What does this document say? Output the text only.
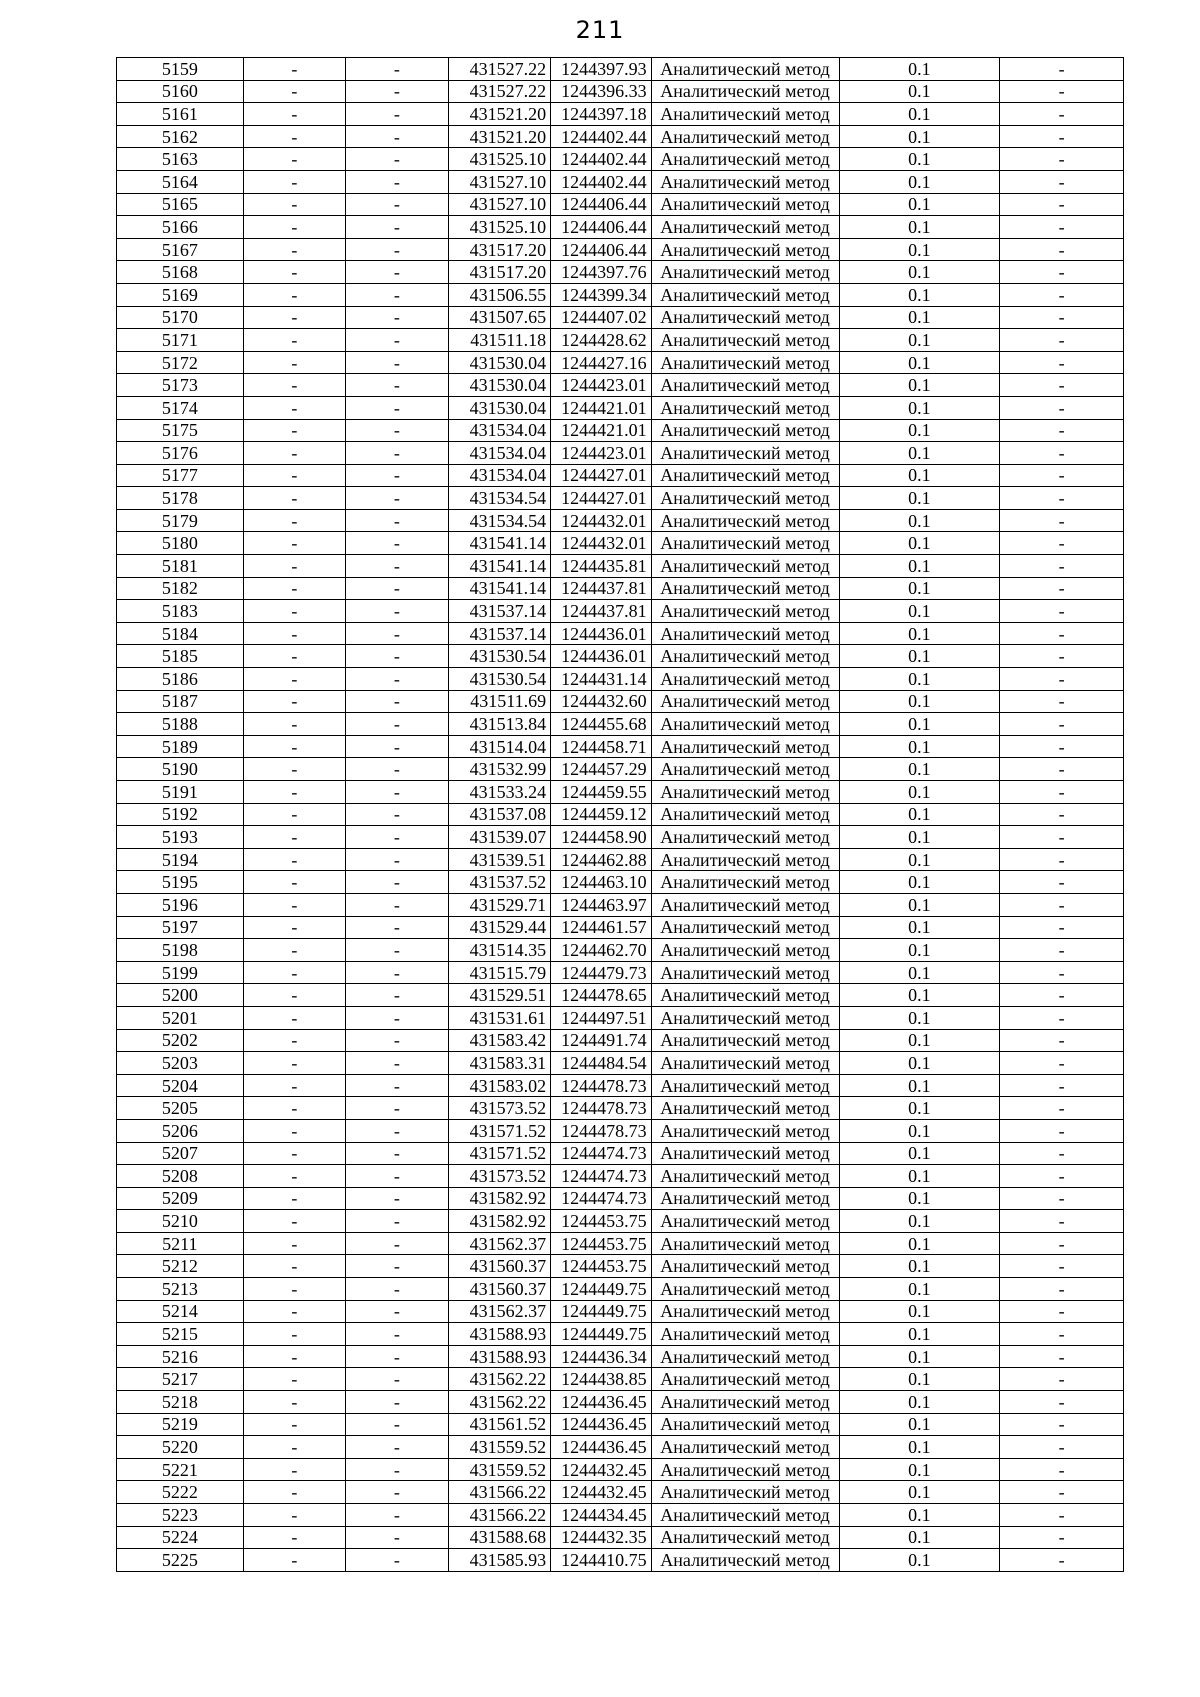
211
5159	-	-	431527.22	1244397.93	Аналитический метод	0.1	-
5160	-	-	431527.22	1244396.33	Аналитический метод	0.1	-
5161	-	-	431521.20	1244397.18	Аналитический метод	0.1	-
5162	-	-	431521.20	1244402.44	Аналитический метод	0.1	-
5163	-	-	431525.10	1244402.44	Аналитический метод	0.1	-
5164	-	-	431527.10	1244402.44	Аналитический метод	0.1	-
5165	-	-	431527.10	1244406.44	Аналитический метод	0.1	-
5166	-	-	431525.10	1244406.44	Аналитический метод	0.1	-
5167	-	-	431517.20	1244406.44	Аналитический метод	0.1	-
5168	-	-	431517.20	1244397.76	Аналитический метод	0.1	-
5169	-	-	431506.55	1244399.34	Аналитический метод	0.1	-
5170	-	-	431507.65	1244407.02	Аналитический метод	0.1	-
5171	-	-	431511.18	1244428.62	Аналитический метод	0.1	-
5172	-	-	431530.04	1244427.16	Аналитический метод	0.1	-
5173	-	-	431530.04	1244423.01	Аналитический метод	0.1	-
5174	-	-	431530.04	1244421.01	Аналитический метод	0.1	-
5175	-	-	431534.04	1244421.01	Аналитический метод	0.1	-
5176	-	-	431534.04	1244423.01	Аналитический метод	0.1	-
5177	-	-	431534.04	1244427.01	Аналитический метод	0.1	-
5178	-	-	431534.54	1244427.01	Аналитический метод	0.1	-
5179	-	-	431534.54	1244432.01	Аналитический метод	0.1	-
5180	-	-	431541.14	1244432.01	Аналитический метод	0.1	-
5181	-	-	431541.14	1244435.81	Аналитический метод	0.1	-
5182	-	-	431541.14	1244437.81	Аналитический метод	0.1	-
5183	-	-	431537.14	1244437.81	Аналитический метод	0.1	-
5184	-	-	431537.14	1244436.01	Аналитический метод	0.1	-
5185	-	-	431530.54	1244436.01	Аналитический метод	0.1	-
5186	-	-	431530.54	1244431.14	Аналитический метод	0.1	-
5187	-	-	431511.69	1244432.60	Аналитический метод	0.1	-
5188	-	-	431513.84	1244455.68	Аналитический метод	0.1	-
5189	-	-	431514.04	1244458.71	Аналитический метод	0.1	-
5190	-	-	431532.99	1244457.29	Аналитический метод	0.1	-
5191	-	-	431533.24	1244459.55	Аналитический метод	0.1	-
5192	-	-	431537.08	1244459.12	Аналитический метод	0.1	-
5193	-	-	431539.07	1244458.90	Аналитический метод	0.1	-
5194	-	-	431539.51	1244462.88	Аналитический метод	0.1	-
5195	-	-	431537.52	1244463.10	Аналитический метод	0.1	-
5196	-	-	431529.71	1244463.97	Аналитический метод	0.1	-
5197	-	-	431529.44	1244461.57	Аналитический метод	0.1	-
5198	-	-	431514.35	1244462.70	Аналитический метод	0.1	-
5199	-	-	431515.79	1244479.73	Аналитический метод	0.1	-
5200	-	-	431529.51	1244478.65	Аналитический метод	0.1	-
5201	-	-	431531.61	1244497.51	Аналитический метод	0.1	-
5202	-	-	431583.42	1244491.74	Аналитический метод	0.1	-
5203	-	-	431583.31	1244484.54	Аналитический метод	0.1	-
5204	-	-	431583.02	1244478.73	Аналитический метод	0.1	-
5205	-	-	431573.52	1244478.73	Аналитический метод	0.1	-
5206	-	-	431571.52	1244478.73	Аналитический метод	0.1	-
5207	-	-	431571.52	1244474.73	Аналитический метод	0.1	-
5208	-	-	431573.52	1244474.73	Аналитический метод	0.1	-
5209	-	-	431582.92	1244474.73	Аналитический метод	0.1	-
5210	-	-	431582.92	1244453.75	Аналитический метод	0.1	-
5211	-	-	431562.37	1244453.75	Аналитический метод	0.1	-
5212	-	-	431560.37	1244453.75	Аналитический метод	0.1	-
5213	-	-	431560.37	1244449.75	Аналитический метод	0.1	-
5214	-	-	431562.37	1244449.75	Аналитический метод	0.1	-
5215	-	-	431588.93	1244449.75	Аналитический метод	0.1	-
5216	-	-	431588.93	1244436.34	Аналитический метод	0.1	-
5217	-	-	431562.22	1244438.85	Аналитический метод	0.1	-
5218	-	-	431562.22	1244436.45	Аналитический метод	0.1	-
5219	-	-	431561.52	1244436.45	Аналитический метод	0.1	-
5220	-	-	431559.52	1244436.45	Аналитический метод	0.1	-
5221	-	-	431559.52	1244432.45	Аналитический метод	0.1	-
5222	-	-	431566.22	1244432.45	Аналитический метод	0.1	-
5223	-	-	431566.22	1244434.45	Аналитический метод	0.1	-
5224	-	-	431588.68	1244432.35	Аналитический метод	0.1	-
5225	-	-	431585.93	1244410.75	Аналитический метод	0.1	-
